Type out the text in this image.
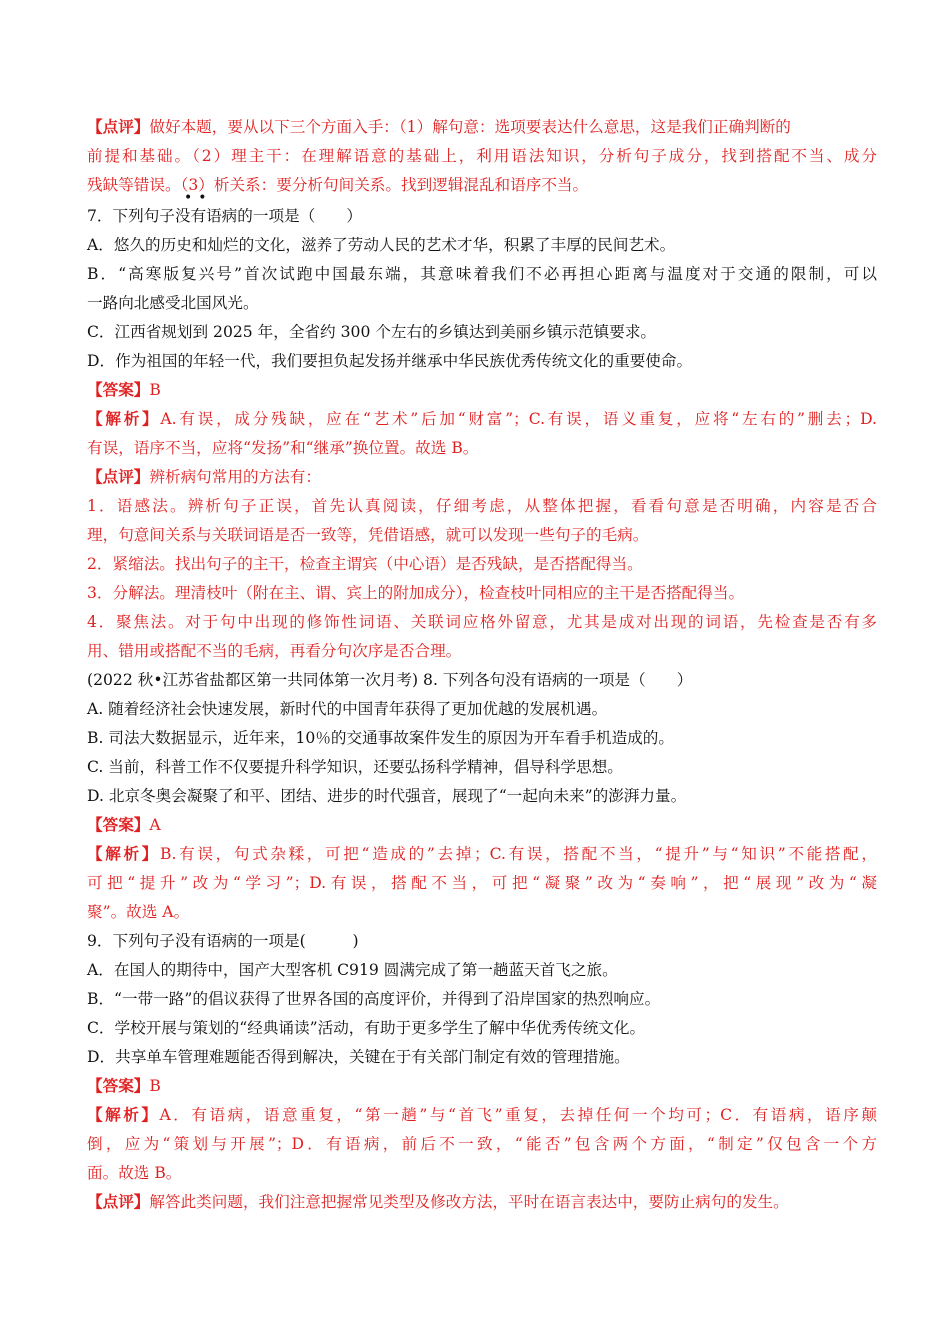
【点评】做好本题，要从以下三个方面入手：（1）解句意：选项要表达什么意思，这是我们正确判断的
前提和基础。（2）理主干：在理解语意的基础上，利用语法知识，分析句子成分，找到搭配不当、成分
残缺等错误。（3）析关系：要分析句间关系。找到逻辑混乱和语序不当。
••
7．下列句子没有语病的一项是（　　）
A．悠久的历史和灿烂的文化，滋养了劳动人民的艺术才华，积累了丰厚的民间艺术。
B．“高寒版复兴号”首次试跑中国最东端，其意味着我们不必再担心距离与温度对于交通的限制，可以
一路向北感受北国风光。
C．江西省规划到 2025 年，全省约 300 个左右的乡镇达到美丽乡镇示范镇要求。
D．作为祖国的年轻一代，我们要担负起发扬并继承中华民族优秀传统文化的重要使命。
【答案】B
【解析】A.有误，成分残缺，应在“艺术”后加“财富”；C.有误，语义重复，应将“左右的”删去；D.
有误，语序不当，应将“发扬”和“继承”换位置。故选 B。
【点评】辨析病句常用的方法有：
1．语感法。辨析句子正误，首先认真阅读，仔细考虑，从整体把握，看看句意是否明确，内容是否合
理，句意间关系与关联词语是否一致等，凭借语感，就可以发现一些句子的毛病。
2．紧缩法。找出句子的主干，检查主谓宾（中心语）是否残缺，是否搭配得当。
3．分解法。理清枝叶（附在主、谓、宾上的附加成分），检查枝叶同相应的主干是否搭配得当。
4．聚焦法。对于句中出现的修饰性词语、关联词应格外留意，尤其是成对出现的词语，先检查是否有多
用、错用或搭配不当的毛病，再看分句次序是否合理。
(2022 秋•江苏省盐都区第一共同体第一次月考) 8. 下列各句没有语病的一项是（　　）
A. 随着经济社会快速发展，新时代的中国青年获得了更加优越的发展机遇。
B. 司法大数据显示，近年来，10％的交通事故案件发生的原因为开车看手机造成的。
C. 当前，科普工作不仅要提升科学知识，还要弘扬科学精神，倡导科学思想。
D. 北京冬奥会凝聚了和平、团结、进步的时代强音，展现了“一起向未来”的澎湃力量。
【答案】A
【解析】B.有误，句式杂糅，可把“造成的”去掉；C.有误，搭配不当，“提升”与“知识”不能搭配，
可把“提升”改为“学习”；D.有误，搭配不当，可把“凝聚”改为“奏响”，把“展现”改为“凝
聚”。故选 A。
9．下列句子没有语病的一项是(　　　)
A．在国人的期待中，国产大型客机 C919 圆满完成了第一趟蓝天首飞之旅。
B．“一带一路”的倡议获得了世界各国的高度评价，并得到了沿岸国家的热烈响应。
C．学校开展与策划的“经典诵读”活动，有助于更多学生了解中华优秀传统文化。
D．共享单车管理难题能否得到解决，关键在于有关部门制定有效的管理措施。
【答案】B
【解析】A．有语病，语意重复，“第一趟”与“首飞”重复，去掉任何一个均可；C．有语病，语序颠
倒，应为“策划与开展”；D．有语病，前后不一致，“能否”包含两个方面，“制定”仅包含一个方
面。故选 B。
【点评】解答此类问题，我们注意把握常见类型及修改方法，平时在语言表达中，要防止病句的发生。
